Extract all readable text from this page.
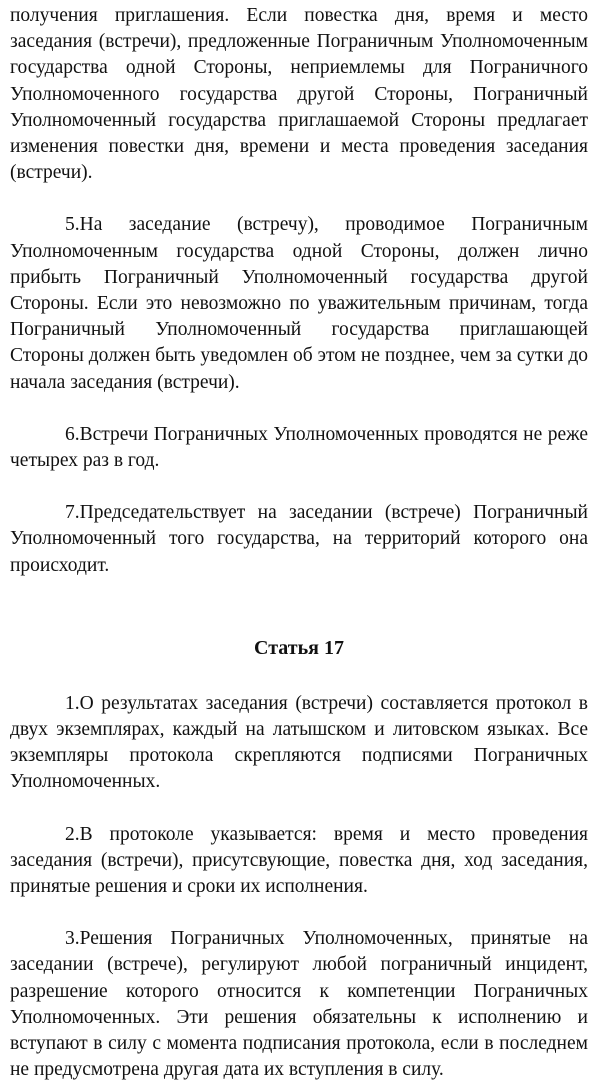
получения приглашения. Если повестка дня, время и место заседания (встречи), предложенные Пограничным Уполномоченным государства одной Стороны, неприемлемы для Пограничного Уполномоченного государства другой Стороны, Пограничный Уполномоченный государства приглашаемой Стороны предлагает изменения повестки дня, времени и места проведения заседания (встречи).

5.На заседание (встречу), проводимое Пограничным Уполномоченным государства одной Стороны, должен лично прибыть Пограничный Уполномоченный государства другой Стороны. Если это невозможно по уважительным причинам, тогда Пограничный Уполномоченный государства приглашающей Стороны должен быть уведомлен об этом не позднее, чем за сутки до начала заседания (встречи).

6.Встречи Пограничных Уполномоченных проводятся не реже четырех раз в год.

7.Председательствует на заседании (встрече) Пограничный Уполномоченный того государства, на территорий которого она происходит.

Статья 17

1.О результатах заседания (встречи) составляется протокол в двух экземплярах, каждый на латышском и литовском языках. Все экземпляры протокола скрепляются подписями Пограничных Уполномоченных.

2.В протоколе указывается: время и место проведения заседания (встречи), присутсвующие, повестка дня, ход заседания, принятые решения и сроки их исполнения.

3.Решения Пограничных Уполномоченных, принятые на заседании (встрече), регулируют любой пограничный инцидент, разрешение которого относится к компетенции Пограничных Уполномоченных. Эти решения обязательны к исполнению и вступают в силу с момента подписания протокола, если в последнем не предусмотрена другая дата их вступления в силу.
